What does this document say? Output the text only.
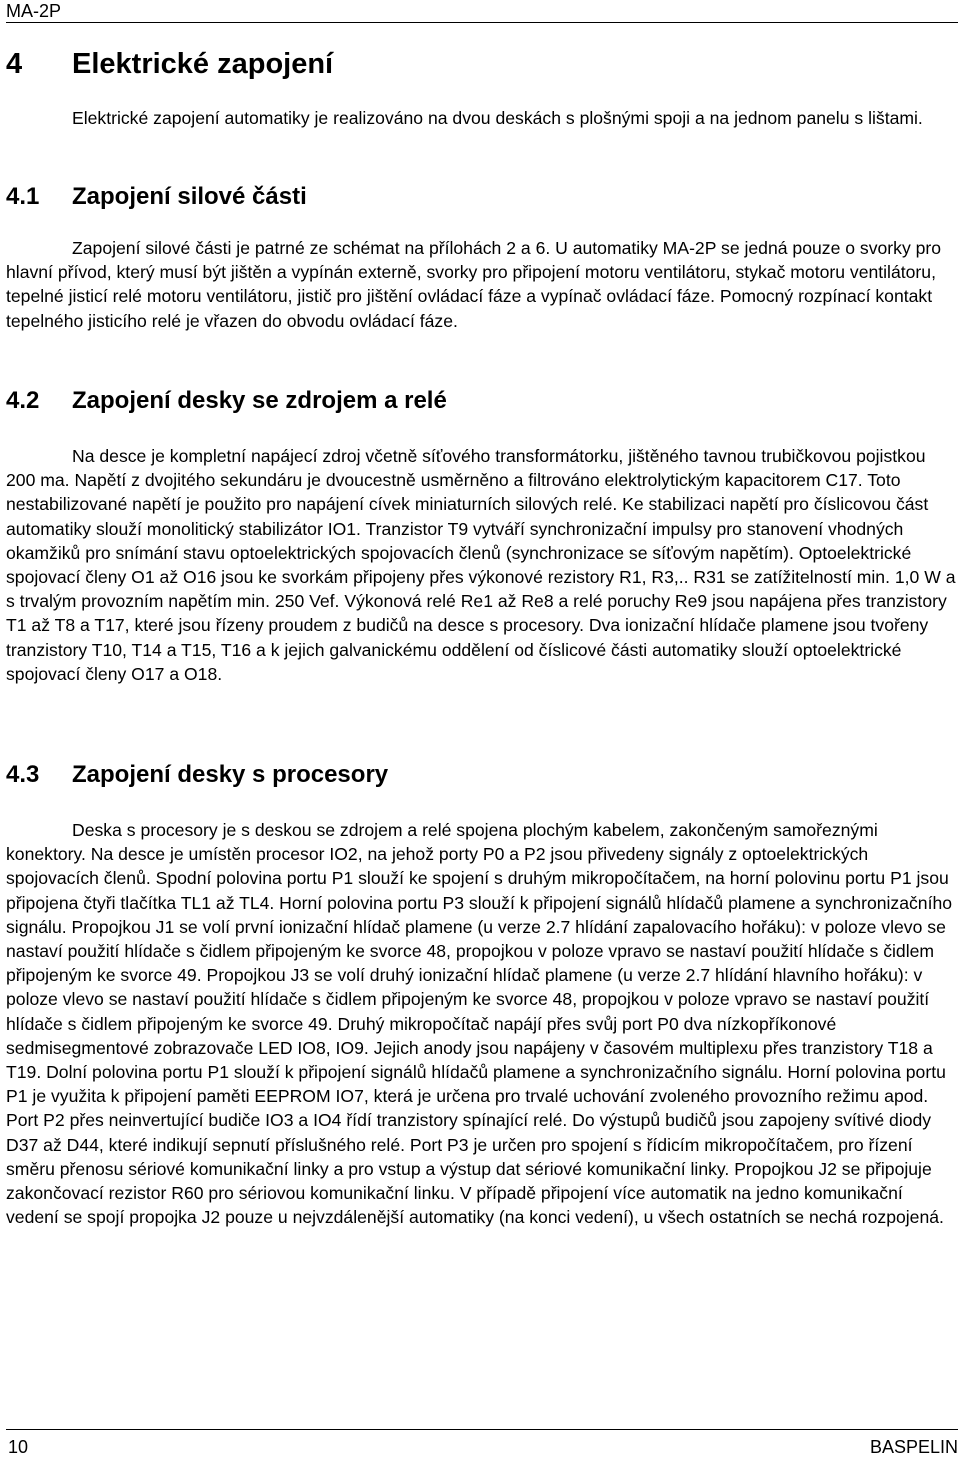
MA-2P
4 Elektrické zapojení

Elektrické zapojení automatiky je realizováno na dvou deskách s plošnými spoji a na jednom panelu s lištami.

4.1 Zapojení silové části

Zapojení silové části je patrné ze schémat na přílohách 2 a 6. U automatiky MA-2P se jedná pouze o svorky pro hlavní přívod, který musí být jištěn a vypínán externě, svorky pro připojení motoru ventilátoru, stykač motoru ventilátoru, tepelné jisticí relé motoru ventilátoru, jistič pro jištění ovládací fáze a vypínač ovládací fáze. Pomocný rozpínací kontakt tepelného jisticího relé je vřazen do obvodu ovládací fáze.

4.2 Zapojení desky se zdrojem a relé

Na desce je kompletní napájecí zdroj včetně síťového transformátorku, jištěného tavnou trubičkovou pojistkou 200 ma. Napětí z dvojitého sekundáru je dvoucestně usměrněno a filtrováno elektrolytickým kapacitorem C17. Toto nestabilizované napětí je použito pro napájení cívek miniaturních silových relé. Ke stabilizaci napětí pro číslicovou část automatiky slouží monolitický stabilizátor IO1. Tranzistor T9 vytváří synchronizační impulsy pro stanovení vhodných okamžiků pro snímání stavu optoelektrických spojovacích členů (synchronizace se síťovým napětím). Optoelektrické spojovací členy O1 až O16 jsou ke svorkám připojeny přes výkonové rezistory R1, R3,.. R31 se zatížitelností min. 1,0 W a s trvalým provozním napětím min. 250 Vef. Výkonová relé Re1 až Re8 a relé poruchy Re9 jsou napájena přes tranzistory T1 až T8 a T17, které jsou řízeny proudem z budičů na desce s procesory. Dva ionizační hlídače plamene jsou tvořeny tranzistory T10, T14 a T15, T16 a k jejich galvanickému oddělení od číslicové části automatiky slouží optoelektrické spojovací členy O17 a O18.

4.3 Zapojení desky s procesory

Deska s procesory je s deskou se zdrojem a relé spojena plochým kabelem, zakončeným samořeznými konektory. Na desce je umístěn procesor IO2, na jehož porty P0 a P2 jsou přivedeny signály z optoelektrických spojovacích členů. Spodní polovina portu P1 slouží ke spojení s druhým mikropočítačem, na horní polovinu portu P1 jsou připojena čtyři tlačítka TL1 až TL4. Horní polovina portu P3 slouží k připojení signálů hlídačů plamene a synchronizačního signálu. Propojkou J1 se volí první ionizační hlídač plamene (u verze 2.7 hlídání zapalovacího hořáku): v poloze vlevo se nastaví použití hlídače s čidlem připojeným ke svorce 48, propojkou v poloze vpravo se nastaví použití hlídače s čidlem připojeným ke svorce 49. Propojkou J3 se volí druhý ionizační hlídač plamene (u verze 2.7 hlídání hlavního hořáku): v poloze vlevo se nastaví použití hlídače s čidlem připojeným ke svorce 48, propojkou v poloze vpravo se nastaví použití hlídače s čidlem připojeným ke svorce 49. Druhý mikropočítač napájí přes svůj port P0 dva nízkopříkonové sedmisegmentové zobrazovače LED IO8, IO9. Jejich anody jsou napájeny v časovém multiplexu přes tranzistory T18 a T19. Dolní polovina portu P1 slouží k připojení signálů hlídačů plamene a synchronizačního signálu. Horní polovina portu P1 je využita k připojení paměti EEPROM IO7, která je určena pro trvalé uchování zvoleného provozního režimu apod. Port P2 přes neinvertující budiče IO3 a IO4 řídí tranzistory spínající relé. Do výstupů budičů jsou zapojeny svítivé diody D37 až D44, které indikují sepnutí příslušného relé. Port P3 je určen pro spojení s řídicím mikropočítačem, pro řízení směru přenosu sériové komunikační linky a pro vstup a výstup dat sériové komunikační linky. Propojkou J2 se připojuje zakončovací rezistor R60 pro sériovou komunikační linku. V případě připojení více automatik na jedno komunikační vedení se spojí propojka J2 pouze u nejvzdálenější automatiky (na konci vedení), u všech ostatních se nechá rozpojená.

10	BASPELIN
